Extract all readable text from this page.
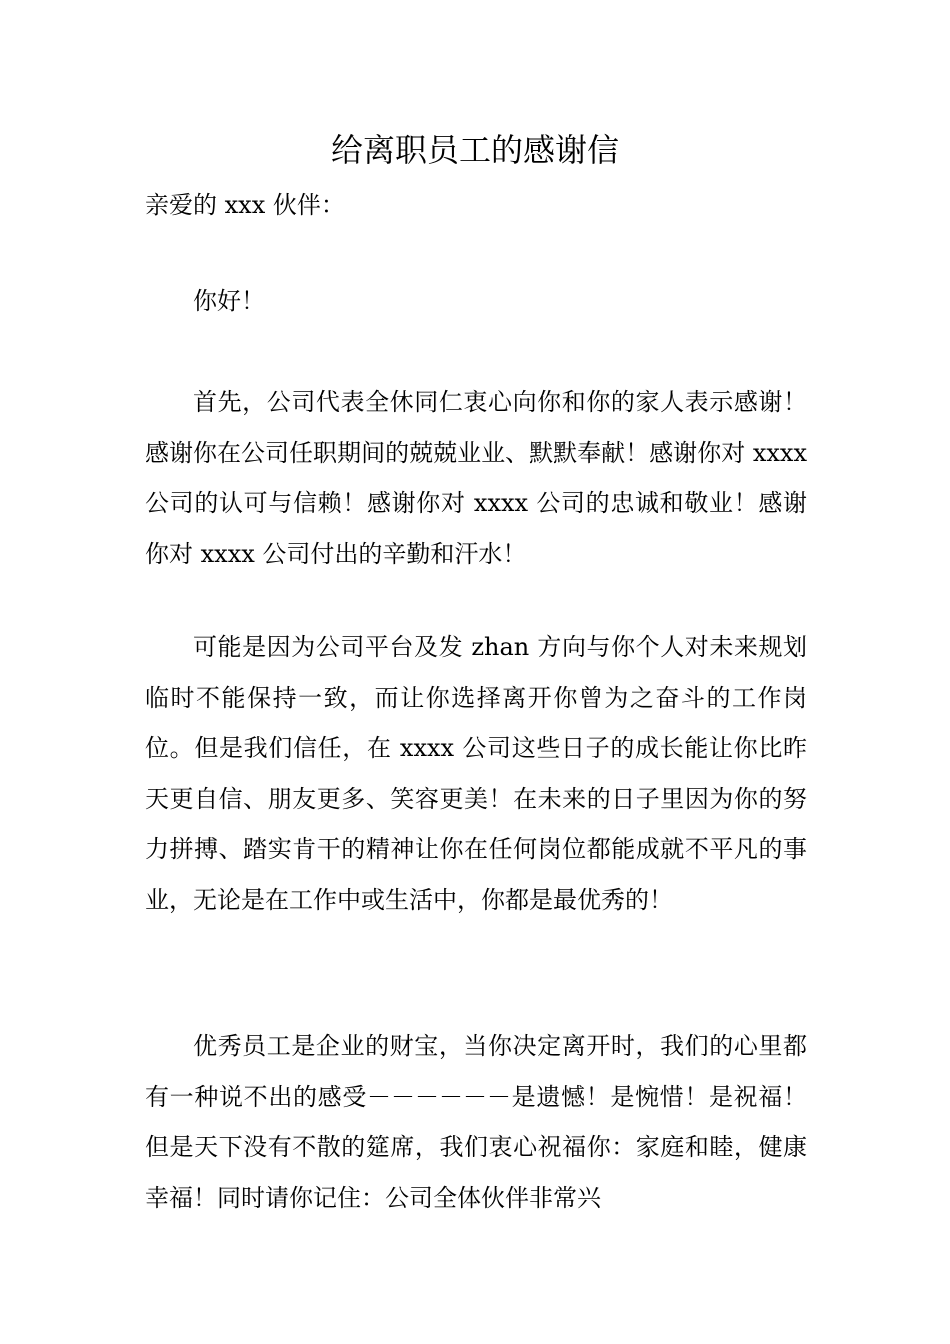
给离职员工的感谢信

亲爱的 xxx 伙伴：

你好！

首先，公司代表全休同仁衷心向你和你的家人表示感谢！感谢你在公司任职期间的兢兢业业、默默奉献！感谢你对 xxxx 公司的认可与信赖！感谢你对 xxxx 公司的忠诚和敬业！感谢你对 xxxx 公司付出的辛勤和汗水！

可能是因为公司平台及发 zhan 方向与你个人对未来规划临时不能保持一致，而让你选择离开你曾为之奋斗的工作岗位。但是我们信任，在 xxxx 公司这些日子的成长能让你比昨天更自信、朋友更多、笑容更美！在未来的日子里因为你的努力拼搏、踏实肯干的精神让你在任何岗位都能成就不平凡的事业，无论是在工作中或生活中，你都是最优秀的！

优秀员工是企业的财宝，当你决定离开时，我们的心里都有一种说不出的感受－－－－－－是遗憾！是惋惜！是祝福！但是天下没有不散的筵席，我们衷心祝福你：家庭和睦，健康幸福！同时请你记住：公司全体伙伴非常兴
